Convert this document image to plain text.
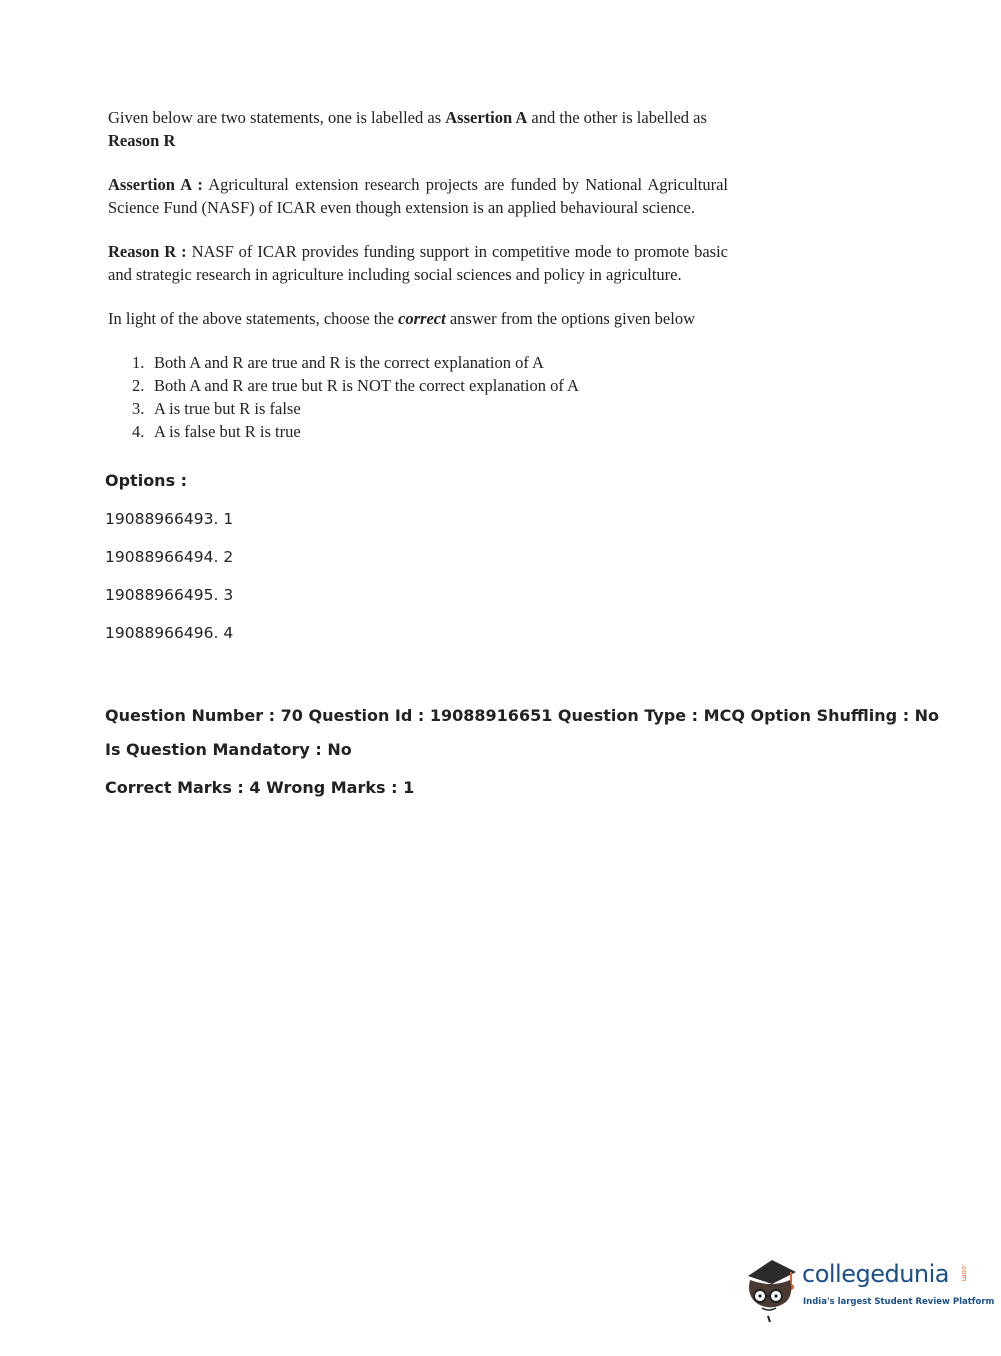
Given below are two statements, one is labelled as Assertion A and the other is labelled as
Reason R

Assertion A : Agricultural extension research projects are funded by National Agricultural Science Fund (NASF) of ICAR even though extension is an applied behavioural science.

Reason R : NASF of ICAR provides funding support in competitive mode to promote basic and strategic research in agriculture including social sciences and policy in agriculture.

In light of the above statements, choose the correct answer from the options given below

1. Both A and R are true and R is the correct explanation of A
2. Both A and R are true but R is NOT the correct explanation of A
3. A is true but R is false
4. A is false but R is true
Options :
19088966493. 1
19088966494. 2
19088966495. 3
19088966496. 4
Question Number : 70 Question Id : 19088916651 Question Type : MCQ Option Shuffling : No
Is Question Mandatory : No
Correct Marks : 4 Wrong Marks : 1
collegedunia .com
India's largest Student Review Platform
